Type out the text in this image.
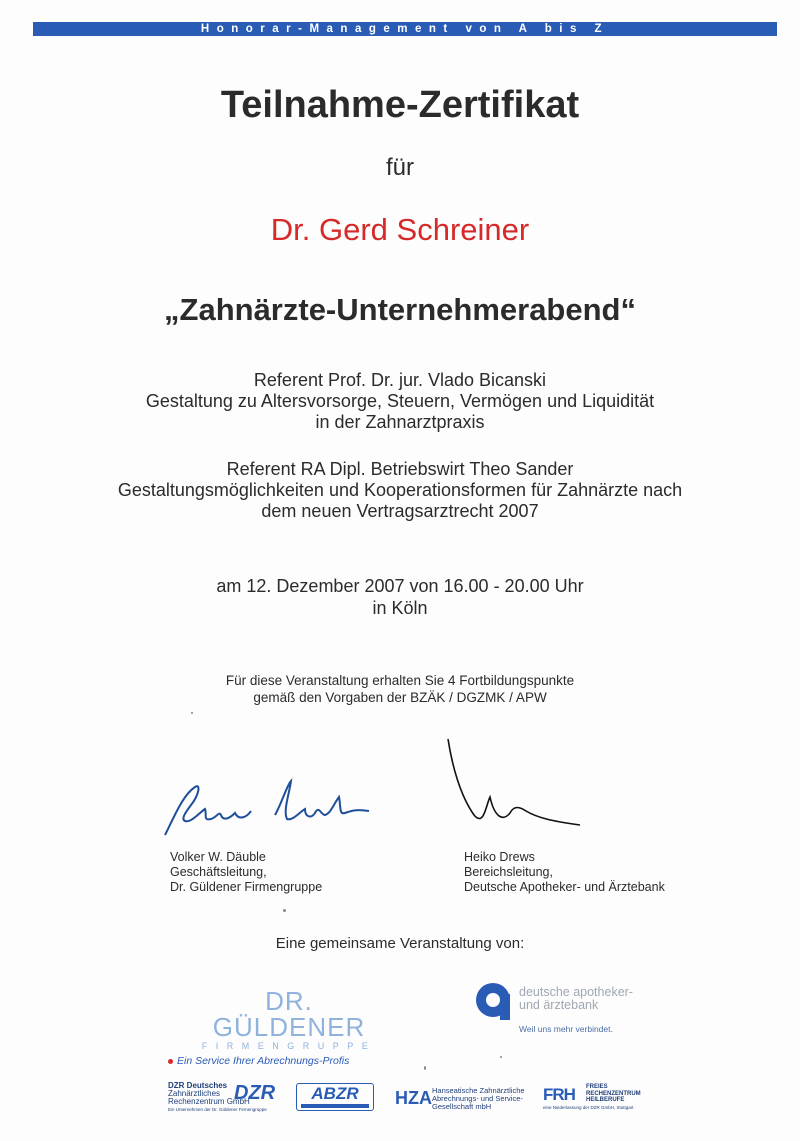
Honorar-Management von A bis Z
Teilnahme-Zertifikat
für
Dr. Gerd Schreiner
„Zahnärzte-Unternehmerabend“
Referent Prof. Dr. jur. Vlado Bicanski
Gestaltung zu Altersvorsorge, Steuern, Vermögen und Liquidität
in der Zahnarztpraxis
Referent RA Dipl. Betriebswirt Theo Sander
Gestaltungsmöglichkeiten und Kooperationsformen für Zahnärzte nach
dem neuen Vertragsarztrecht 2007
am 12. Dezember 2007 von 16.00 - 20.00 Uhr
in Köln
Für diese Veranstaltung erhalten Sie 4 Fortbildungspunkte
gemäß den Vorgaben der BZÄK / DGZMK / APW
Volker W. Däuble
Geschäftsleitung,
Dr. Güldener Firmengruppe
Heiko Drews
Bereichsleitung,
Deutsche Apotheker- und Ärztebank
Eine gemeinsame Veranstaltung von:
DR. GÜLDENER
FIRMENGRUPPE
deutsche apotheker-
und ärztebank
Weil uns mehr verbindet.
Ein Service Ihrer Abrechnungs-Profis
DZR Deutsches
Zahnärztliches
Rechenzentrum GmbH
Ein Unternehmen der Dr. Güldener Firmengruppe
DZR	ABZR	HZA Hanseatische Zahnärztliche
Abrechnungs- und Service-
Gesellschaft mbH
FRH FREIES
RECHENZENTRUM
HEILBERUFE
eine Niederlassung der DZR GmbH, Stuttgart
